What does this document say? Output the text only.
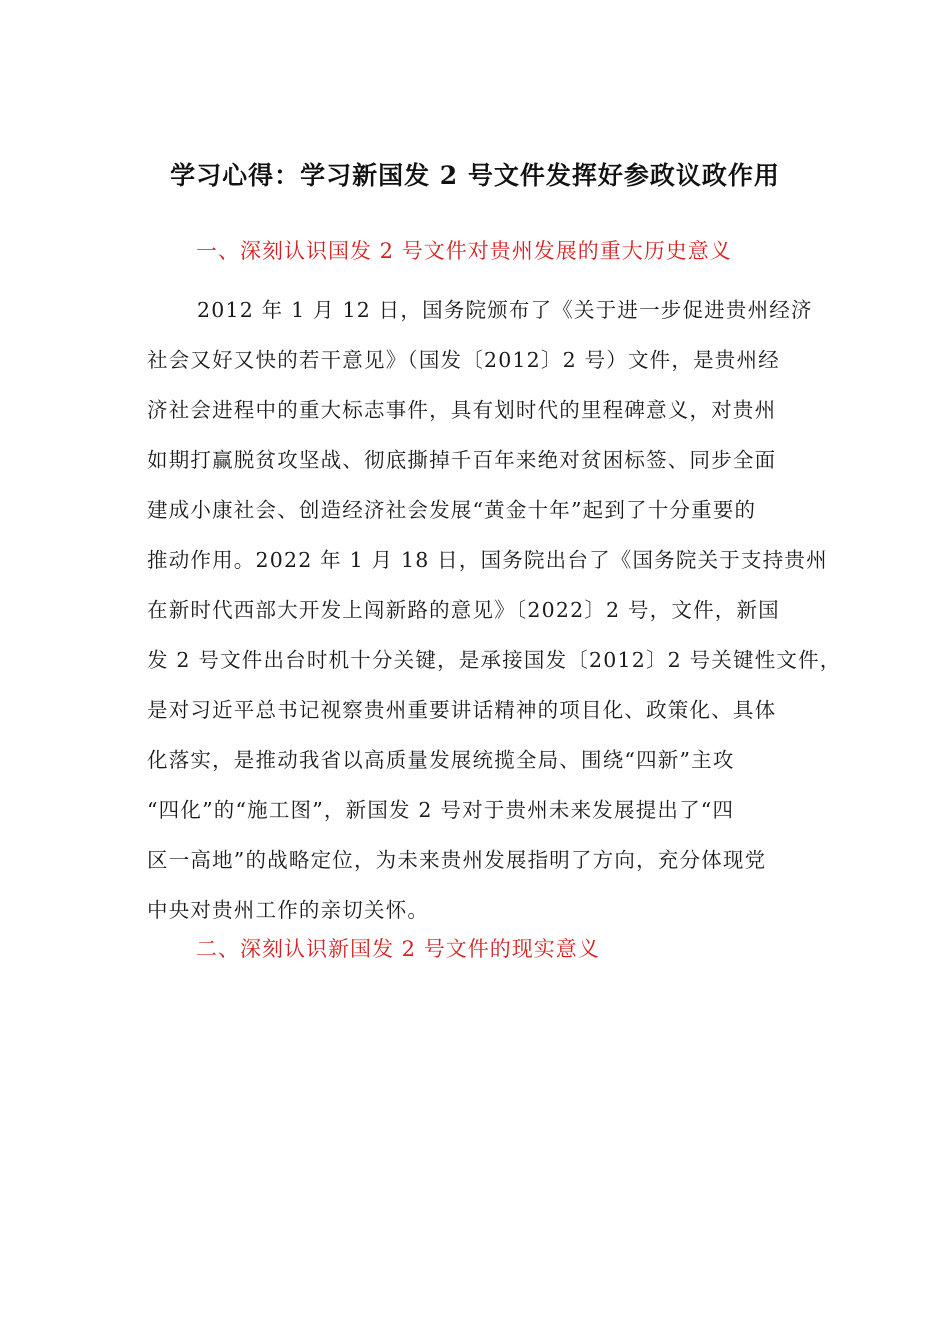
学习心得：学习新国发 2 号文件发挥好参政议政作用
一、深刻认识国发 2 号文件对贵州发展的重大历史意义
2012 年 1 月 12 日，国务院颁布了《关于进一步促进贵州经济
社会又好又快的若干意见》（国发〔2012〕2 号）文件，是贵州经
济社会进程中的重大标志事件，具有划时代的里程碑意义，对贵州
如期打赢脱贫攻坚战、彻底撕掉千百年来绝对贫困标签、同步全面
建成小康社会、创造经济社会发展“黄金十年”起到了十分重要的
推动作用。2022 年 1 月 18 日，国务院出台了《国务院关于支持贵州
在新时代西部大开发上闯新路的意见》〔2022〕2 号，文件，新国
发 2 号文件出台时机十分关键，是承接国发〔2012〕2 号关键性文件，
是对习近平总书记视察贵州重要讲话精神的项目化、政策化、具体
化落实，是推动我省以高质量发展统揽全局、围绕“四新”主攻
“四化”的“施工图”，新国发 2 号对于贵州未来发展提出了“四
区一高地”的战略定位，为未来贵州发展指明了方向，充分体现党
中央对贵州工作的亲切关怀。
二、深刻认识新国发 2 号文件的现实意义
